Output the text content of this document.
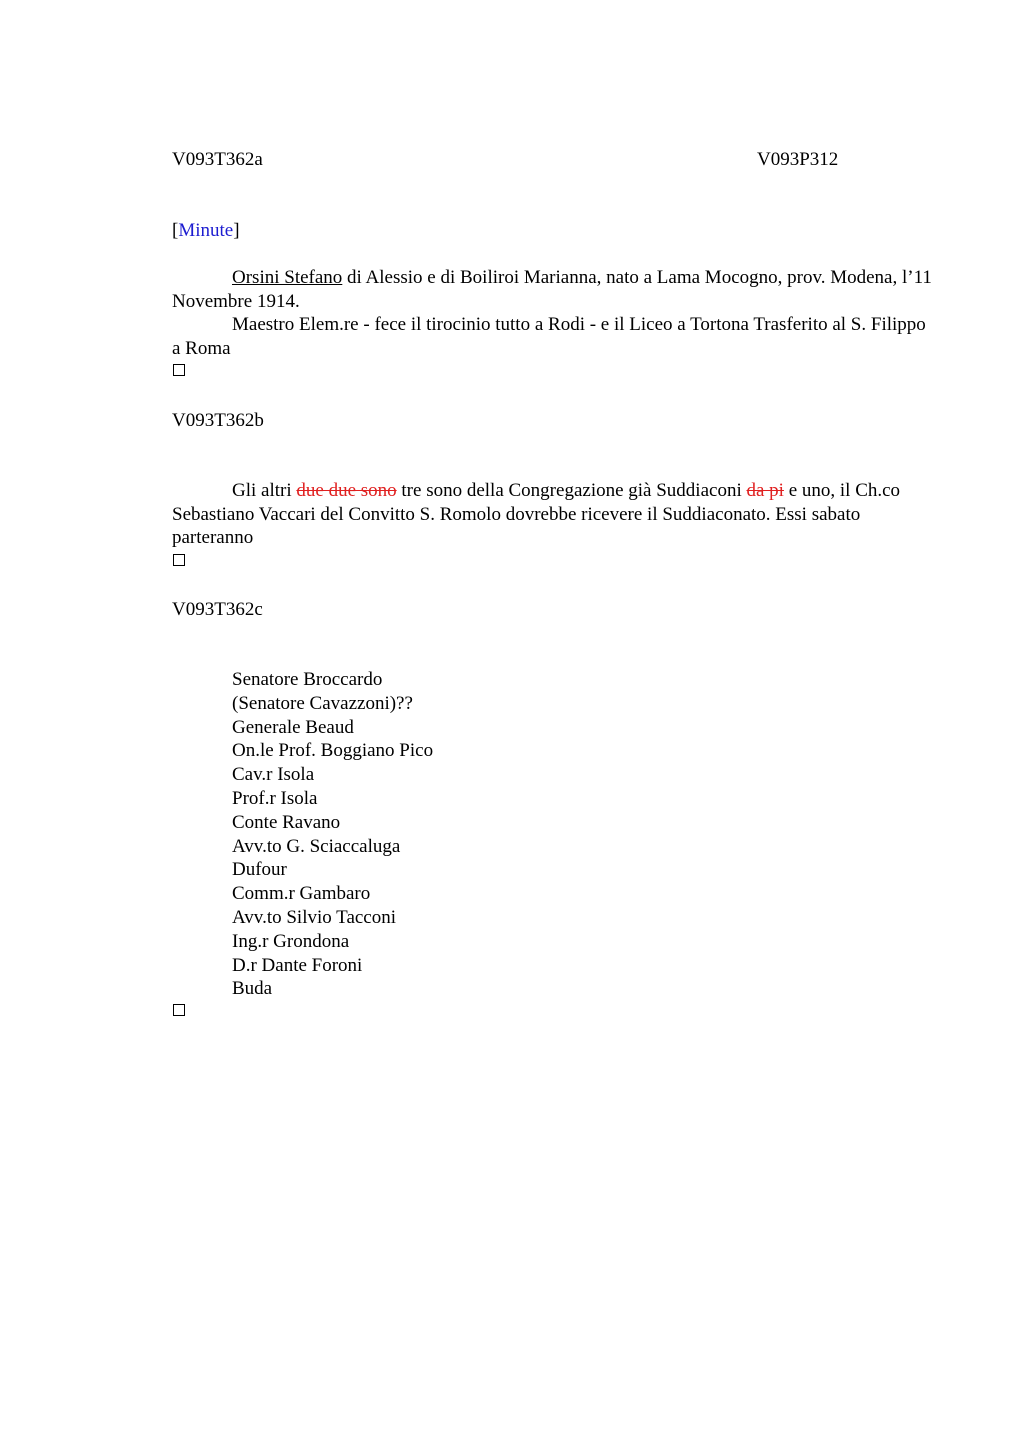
V093T362a	V093P312
[Minute]
Orsini Stefano di Alessio e di Boiliroi Marianna, nato a Lama Mocogno, prov. Modena, l’11 Novembre 1914.
Maestro Elem.re - fece il tirocinio tutto a Rodi - e il Liceo a Tortona Trasferito al S. Filippo a Roma
V093T362b
Gli altri due due sono tre sono della Congregazione già Suddiaconi da pi e uno, il Ch.co Sebastiano Vaccari del Convitto S. Romolo dovrebbe ricevere il Suddiaconato. Essi sabato parteranno
V093T362c
Senatore Broccardo
(Senatore Cavazzoni)??
Generale Beaud
On.le Prof. Boggiano Pico
Cav.r Isola
Prof.r Isola
Conte Ravano
Avv.to G. Sciaccaluga
Dufour
Comm.r Gambaro
Avv.to Silvio Tacconi
Ing.r Grondona
D.r Dante Foroni
Buda
